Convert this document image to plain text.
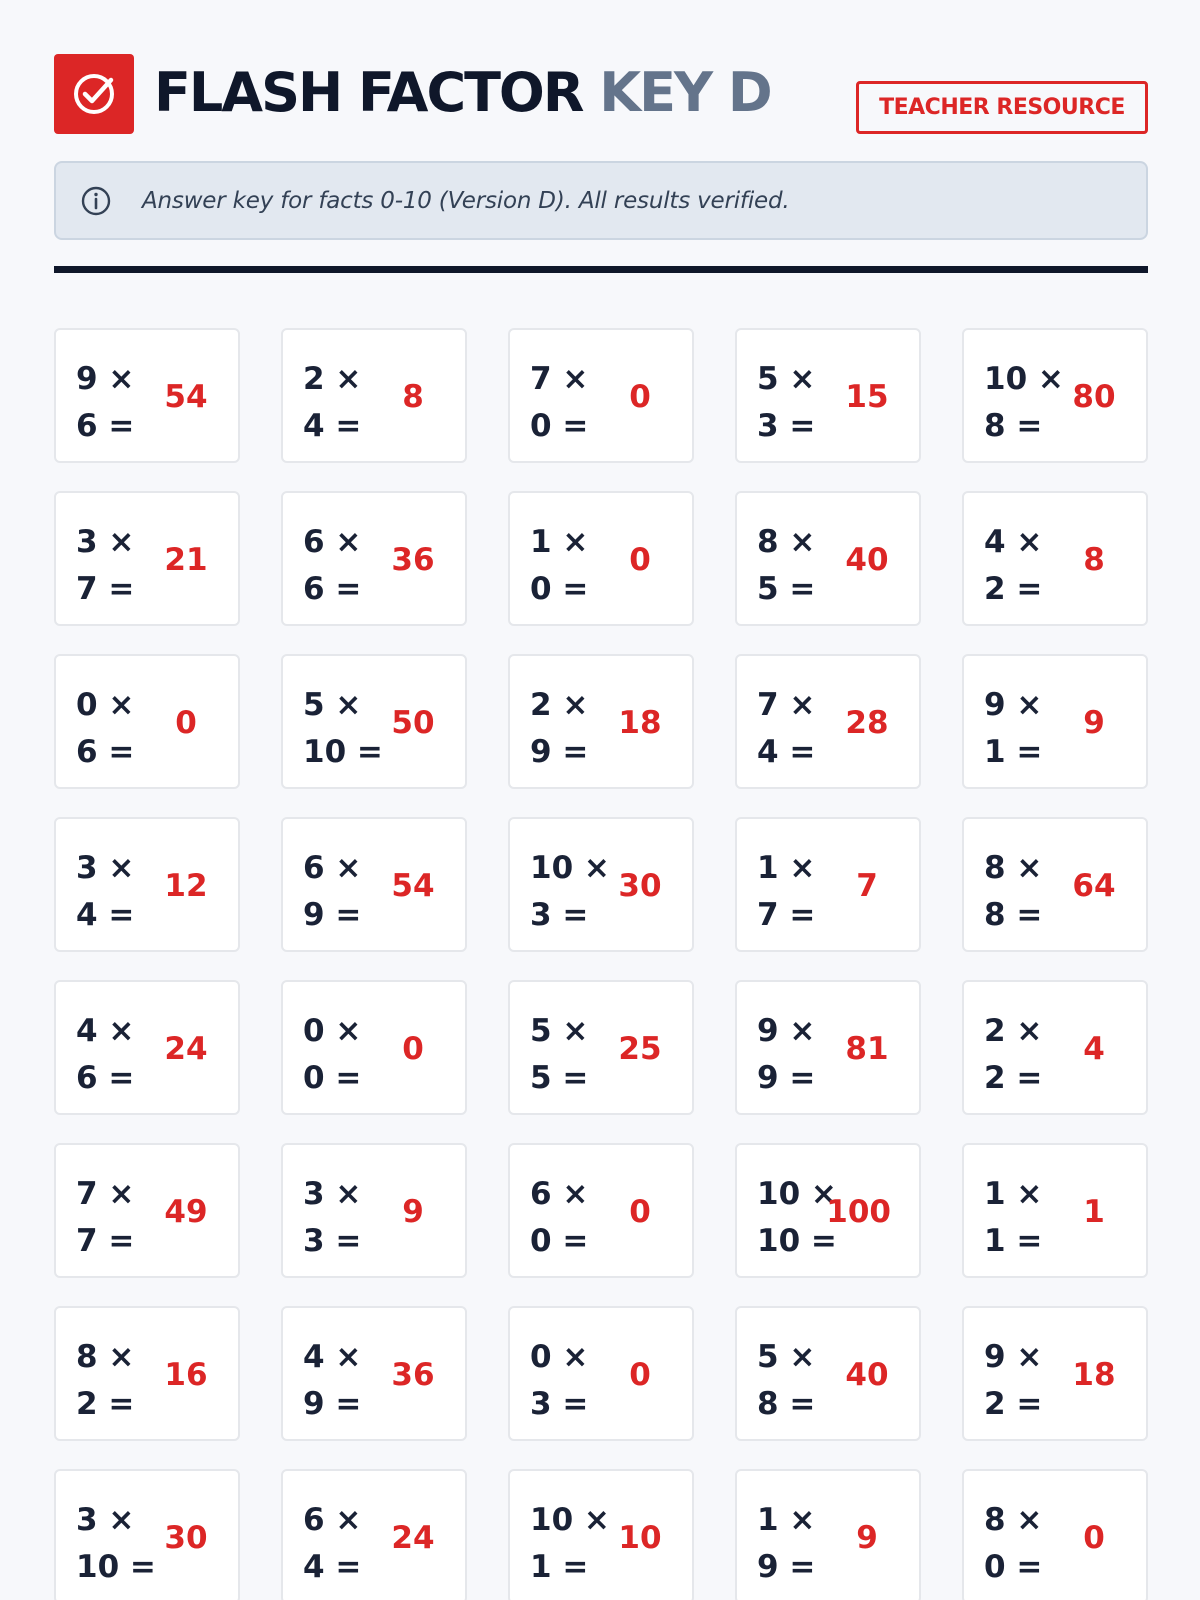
FLASH FACTOR KEY D	TEACHER RESOURCE
Answer key for facts 0-10 (Version D). All results verified.
9 × 6 =
54	2 × 4 =
8	7 × 0 =
0	5 × 3 =
15	10 × 8 =
80
3 × 7 =
21	6 × 6 =
36	1 × 0 =
0	8 × 5 =
40	4 × 2 =
8
0 × 6 =
0	5 × 10 =
50	2 × 9 =
18	7 × 4 =
28	9 × 1 =
9
3 × 4 =
12	6 × 9 =
54	10 × 3 =
30	1 × 7 =
7	8 × 8 =
64
4 × 6 =
24	0 × 0 =
0	5 × 5 =
25	9 × 9 =
81	2 × 2 =
4
7 × 7 =
49	3 × 3 =
9	6 × 0 =
0	10 × 10 =
100	1 × 1 =
1
8 × 2 =
16	4 × 9 =
36	0 × 3 =
0	5 × 8 =
40	9 × 2 =
18
3 × 10 =
30	6 × 4 =
24	10 × 1 =
10	1 × 9 =
9	8 × 0 =
0
